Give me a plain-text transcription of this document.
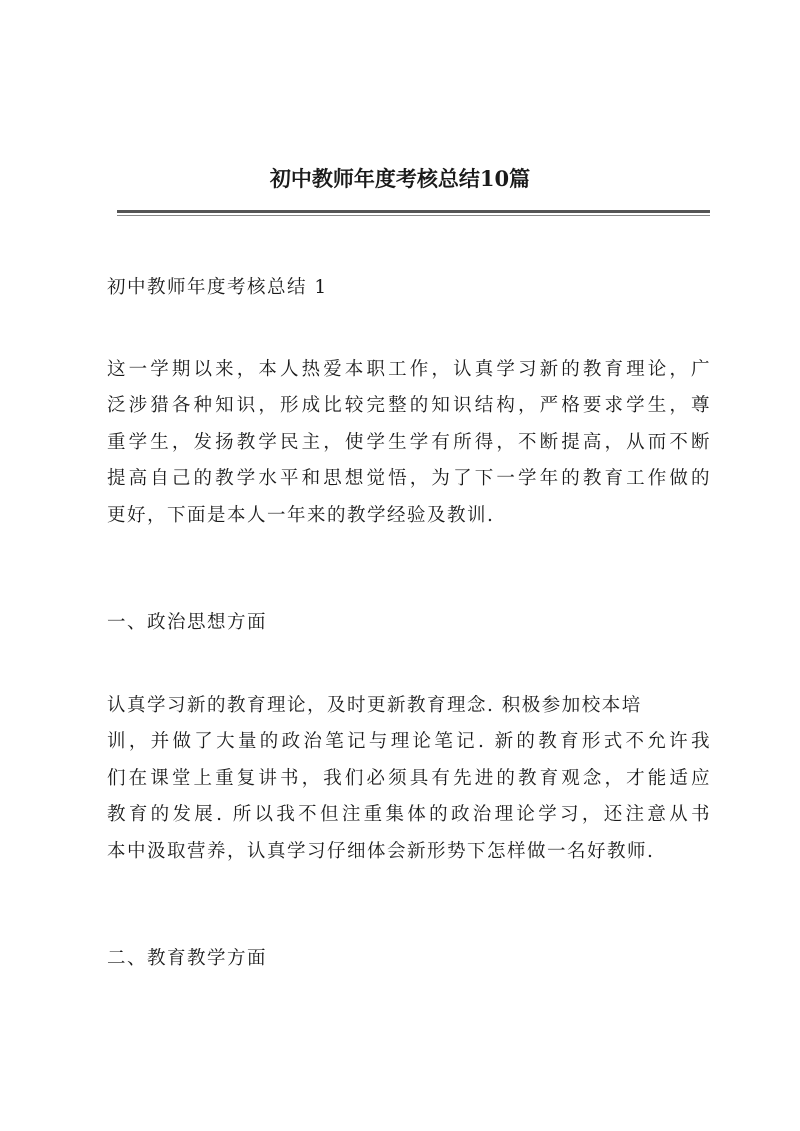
初中教师年度考核总结10篇

初中教师年度考核总结 1

这一学期以来，本人热爱本职工作，认真学习新的教育理论，广
泛涉猎各种知识，形成比较完整的知识结构，严格要求学生，尊
重学生，发扬教学民主，使学生学有所得，不断提高，从而不断
提高自己的教学水平和思想觉悟，为了下一学年的教育工作做的
更好，下面是本人一年来的教学经验及教训.

一、政治思想方面

认真学习新的教育理论，及时更新教育理念. 积极参加校本培
训，并做了大量的政治笔记与理论笔记. 新的教育形式不允许我
们在课堂上重复讲书，我们必须具有先进的教育观念，才能适应
教育的发展. 所以我不但注重集体的政治理论学习，还注意从书
本中汲取营养，认真学习仔细体会新形势下怎样做一名好教师.

二、教育教学方面
